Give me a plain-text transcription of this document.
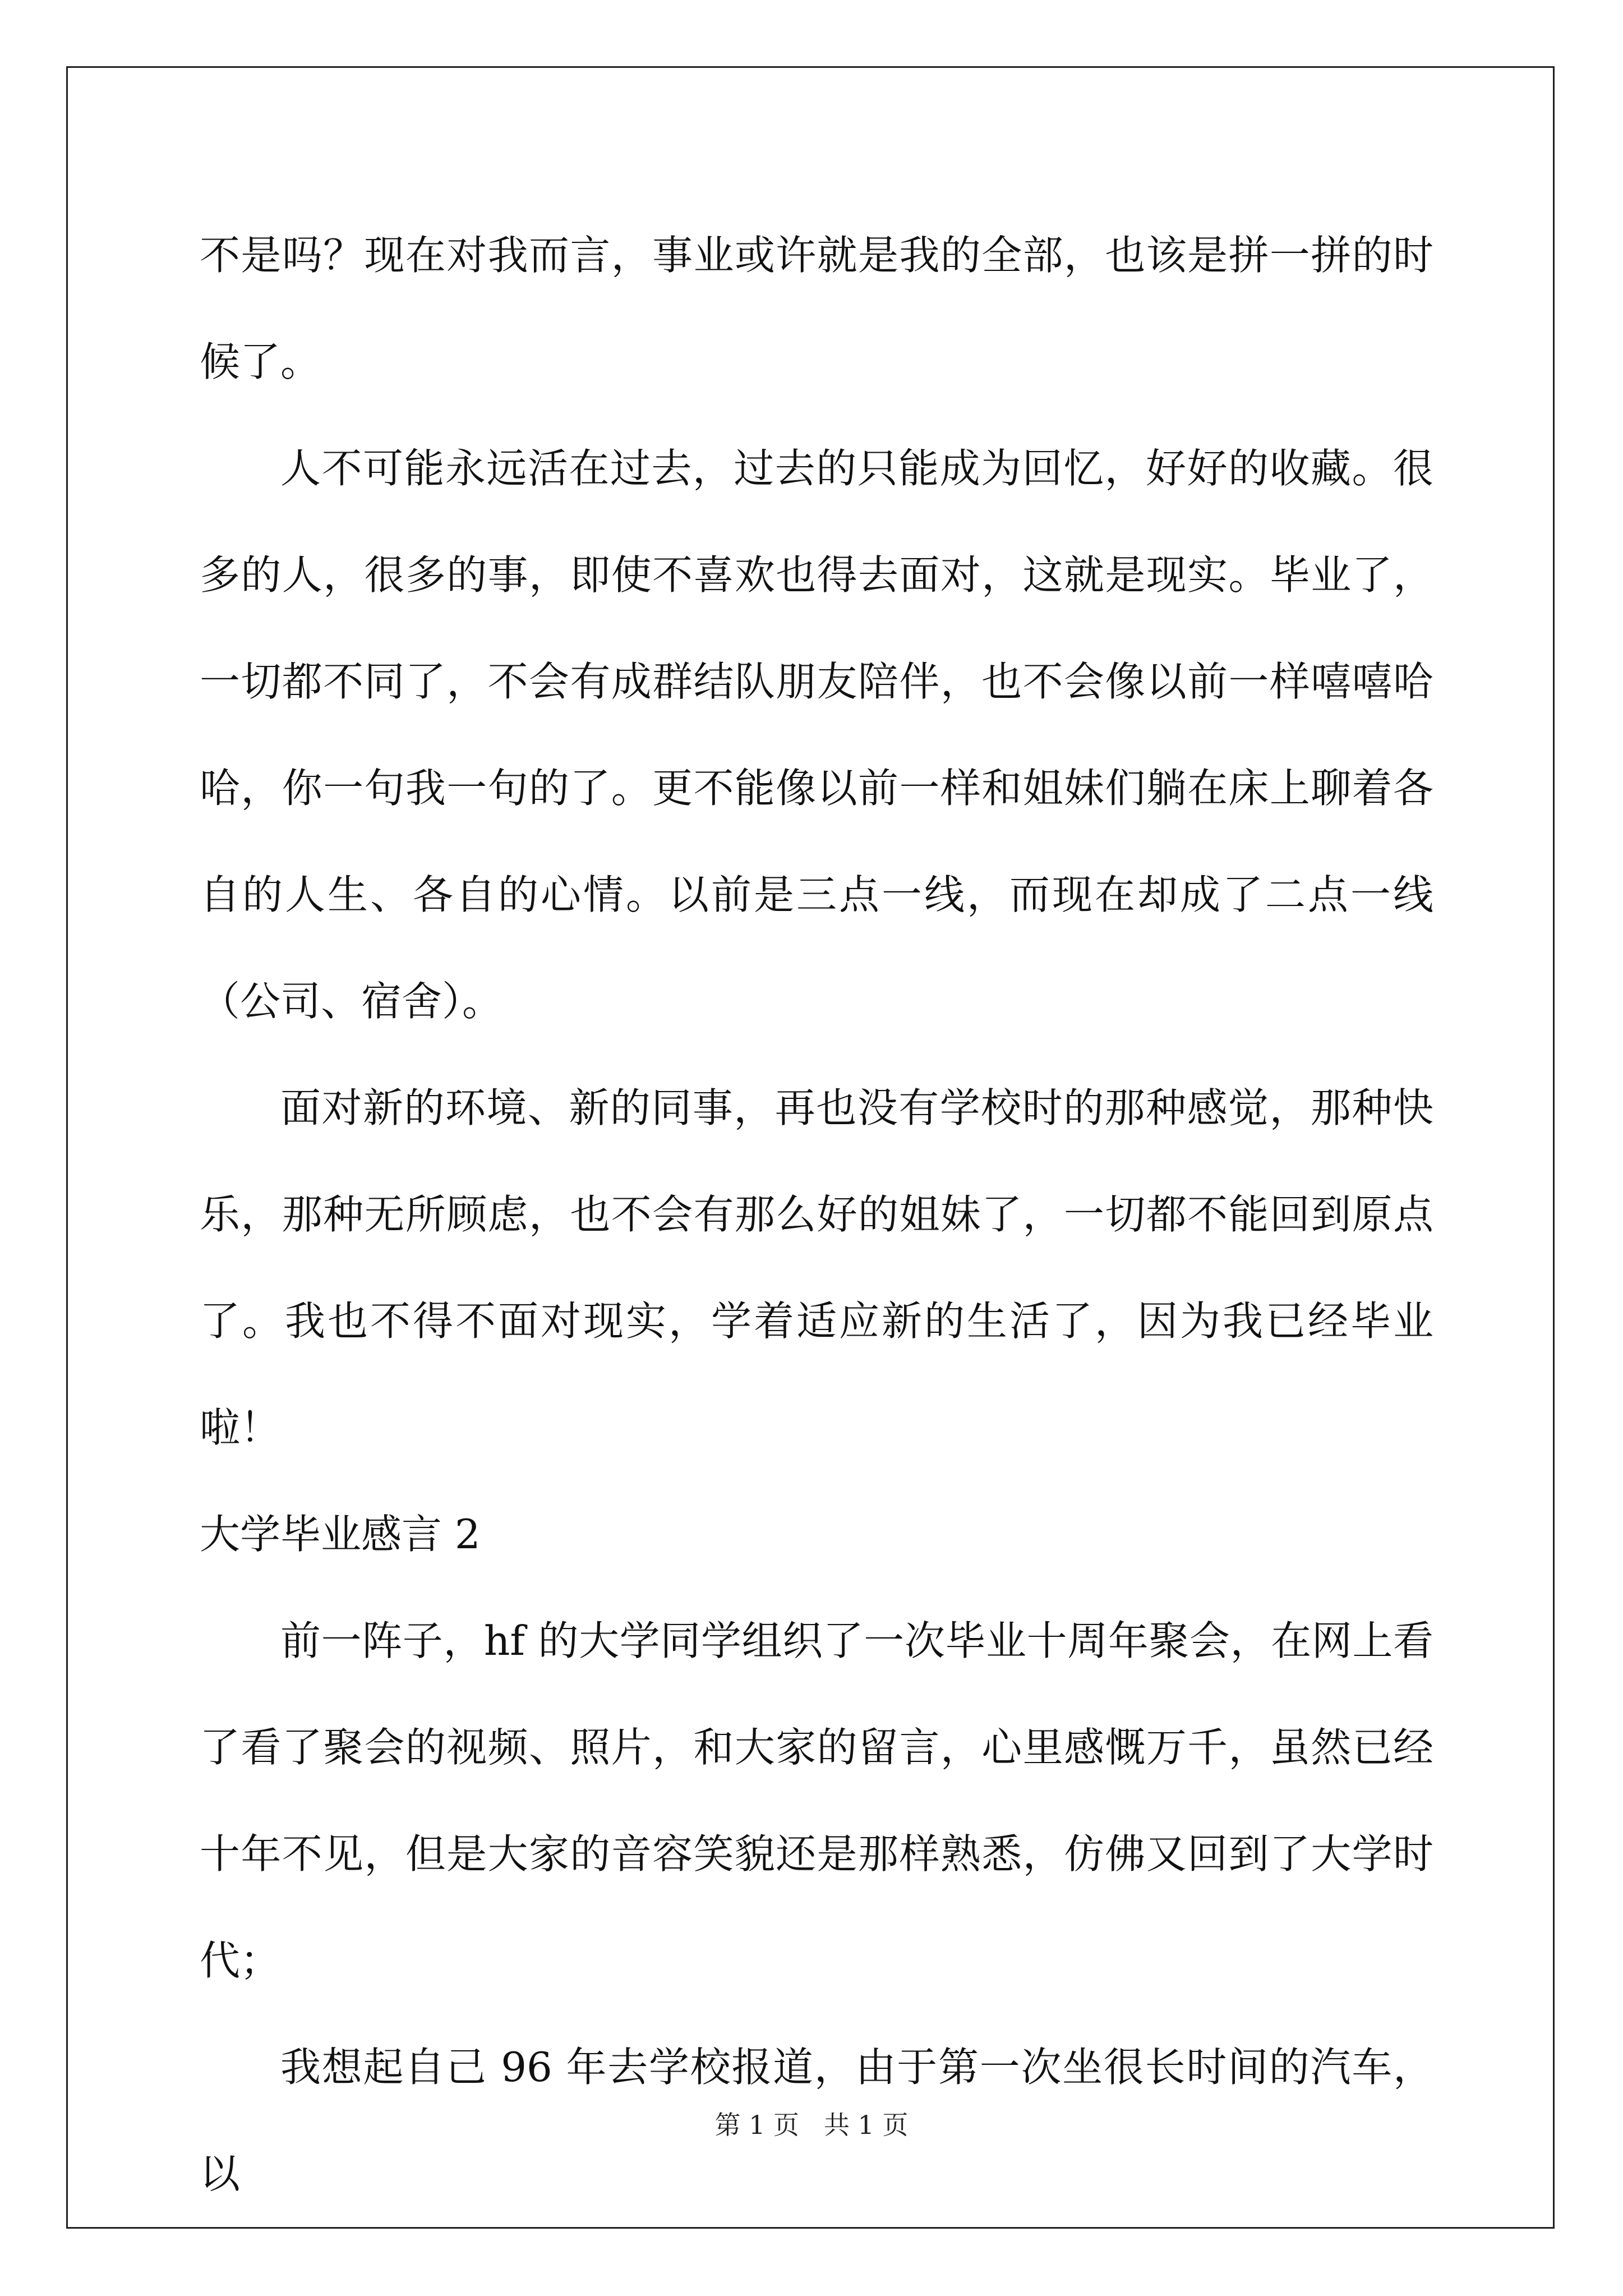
不是吗？现在对我而言，事业或许就是我的全部，也该是拼一拼的时候了。

人不可能永远活在过去，过去的只能成为回忆，好好的收藏。很多的人，很多的事，即使不喜欢也得去面对，这就是现实。毕业了，一切都不同了，不会有成群结队朋友陪伴，也不会像以前一样嘻嘻哈哈，你一句我一句的了。更不能像以前一样和姐妹们躺在床上聊着各自的人生、各自的心情。以前是三点一线，而现在却成了二点一线（公司、宿舍）。

面对新的环境、新的同事，再也没有学校时的那种感觉，那种快乐，那种无所顾虑，也不会有那么好的姐妹了，一切都不能回到原点了。我也不得不面对现实，学着适应新的生活了，因为我已经毕业啦！

大学毕业感言 2

前一阵子，hf 的大学同学组织了一次毕业十周年聚会，在网上看了看了聚会的视频、照片，和大家的留言，心里感慨万千，虽然已经十年不见，但是大家的音容笑貌还是那样熟悉，仿佛又回到了大学时代；

我想起自己 96 年去学校报道，由于第一次坐很长时间的汽车，以

第 1 页 共 1 页
